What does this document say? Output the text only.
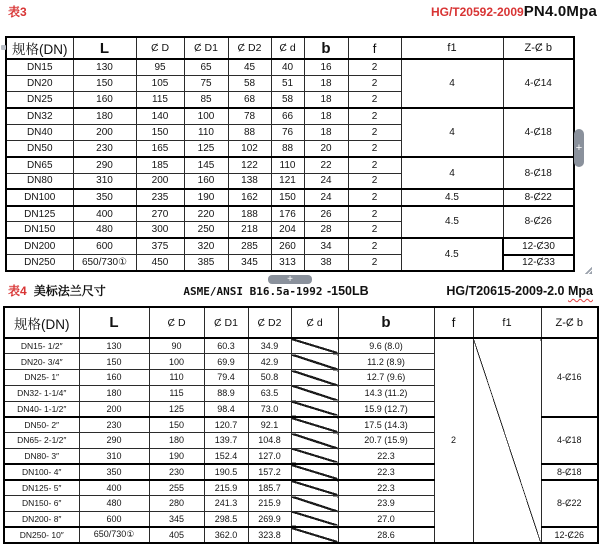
表3	HG/T20592-2009PN4.0Mpa
规格(DN)	L	Ȼ D	Ȼ D1	Ȼ D2	Ȼ d	b	f	f1	Z-Ȼ b
DN15	130	95	65	45	40	16	2	4	4-Ȼ14
DN20	150	105	75	58	51	18	2		
DN25	160	115	85	68	58	18	2		
DN32	180	140	100	78	66	18	2	4	4-Ȼ18
DN40	200	150	110	88	76	18	2		
DN50	230	165	125	102	88	20	2		
DN65	290	185	145	122	110	22	2	4	8-Ȼ18
DN80	310	200	160	138	121	24	2		
DN100	350	235	190	162	150	24	2	4.5	8-Ȼ22
DN125	400	270	220	188	176	26	2	4.5	8-Ȼ26
DN150	480	300	250	218	204	28	2		
DN200	600	375	320	285	260	34	2	4.5	12-Ȼ30
DN250	650/730①	450	385	345	313	38	2		12-Ȼ33
+
+
表4 美标法兰尺寸	ASME/ANSI B16.5a-1992 -150LB	HG/T20615-2009-2.0 Mpa
规格(DN)	L	Ȼ D	Ȼ D1	Ȼ D2	Ȼ d	b	f	f1	Z-Ȼ b
DN15- 1/2″	130	90	60.3	34.9		9.6 (8.0)	2		4-Ȼ16
DN20- 3/4″	150	100	69.9	42.9		11.2 (8.9)			
DN25- 1″	160	110	79.4	50.8		12.7 (9.6)			
DN32- 1-1/4″	180	115	88.9	63.5		14.3 (11.2)			
DN40- 1-1/2″	200	125	98.4	73.0		15.9 (12.7)			
DN50- 2″	230	150	120.7	92.1		17.5 (14.3)			4-Ȼ18
DN65- 2-1/2″	290	180	139.7	104.8		20.7 (15.9)			
DN80- 3″	310	190	152.4	127.0		22.3			
DN100- 4″	350	230	190.5	157.2		22.3			8-Ȼ18
DN125- 5″	400	255	215.9	185.7		22.3			8-Ȼ22
DN150- 6″	480	280	241.3	215.9		23.9			
DN200- 8″	600	345	298.5	269.9		27.0			
DN250- 10″	650/730①	405	362.0	323.8		28.6			12-Ȼ26
